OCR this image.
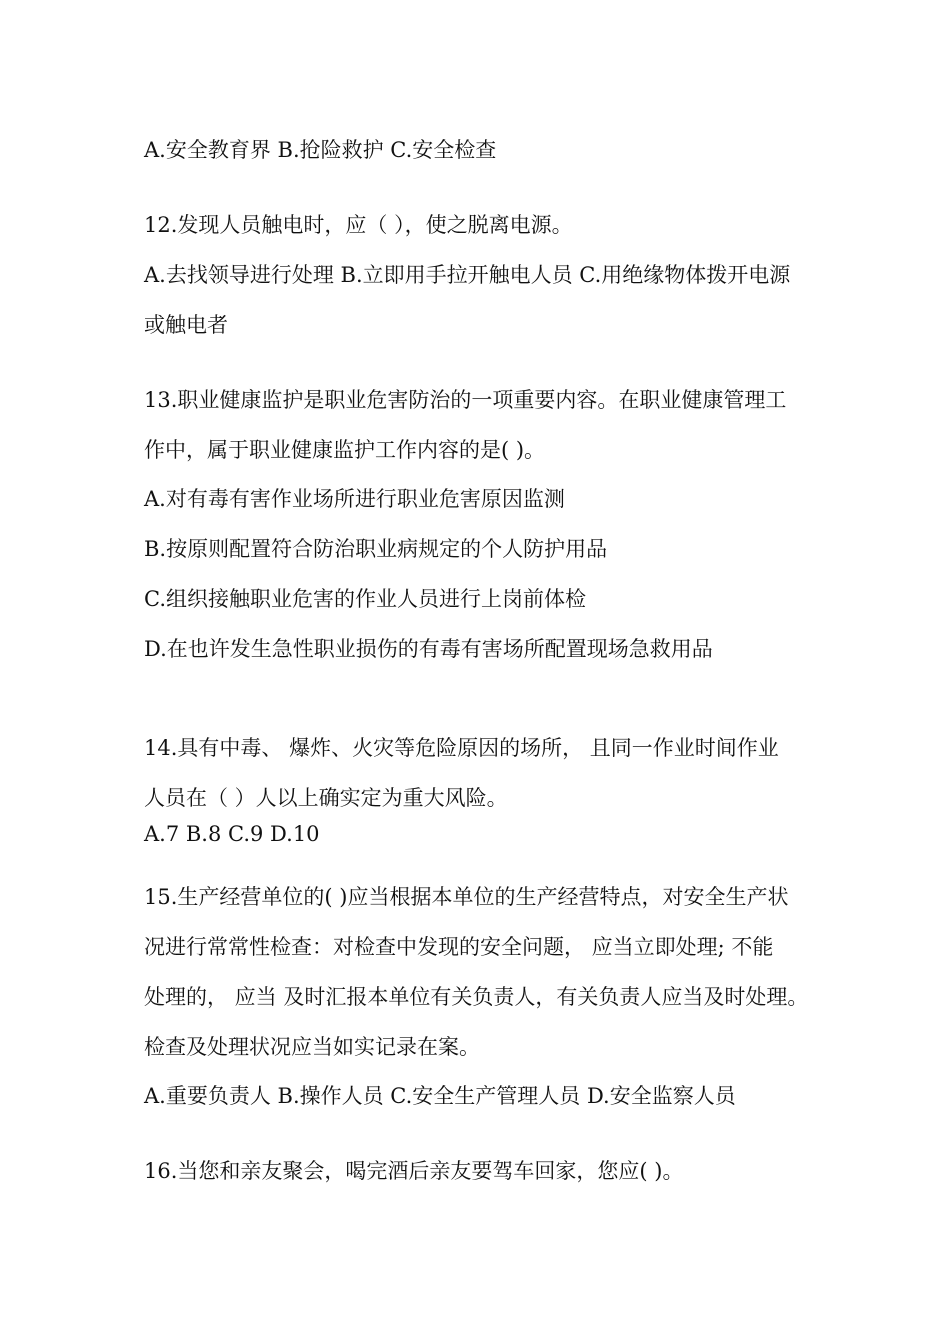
A.安全教育界 B.抢险救护 C.安全检查

12.发现人员触电时，应（ ），使之脱离电源。

A.去找领导进行处理 B.立即用手拉开触电人员 C.用绝缘物体拨开电源

或触电者

13.职业健康监护是职业危害防治的一项重要内容。在职业健康管理工

作中，属于职业健康监护工作内容的是( )。

A.对有毒有害作业场所进行职业危害原因监测

B.按原则配置符合防治职业病规定的个人防护用品

C.组织接触职业危害的作业人员进行上岗前体检

D.在也许发生急性职业损伤的有毒有害场所配置现场急救用品

14.具有中毒、 爆炸、火灾等危险原因的场所， 且同一作业时间作业

人员在（ ）人以上确实定为重大风险。

A.7 B.8 C.9 D.10

15.生产经营单位的( )应当根据本单位的生产经营特点，对安全生产状

况进行常常性检查：对检查中发现的安全问题， 应当立即处理; 不能

处理的， 应当 及时汇报本单位有关负责人，有关负责人应当及时处理。

检查及处理状况应当如实记录在案。

A.重要负责人 B.操作人员 C.安全生产管理人员 D.安全监察人员

16.当您和亲友聚会，喝完酒后亲友要驾车回家，您应( )。
